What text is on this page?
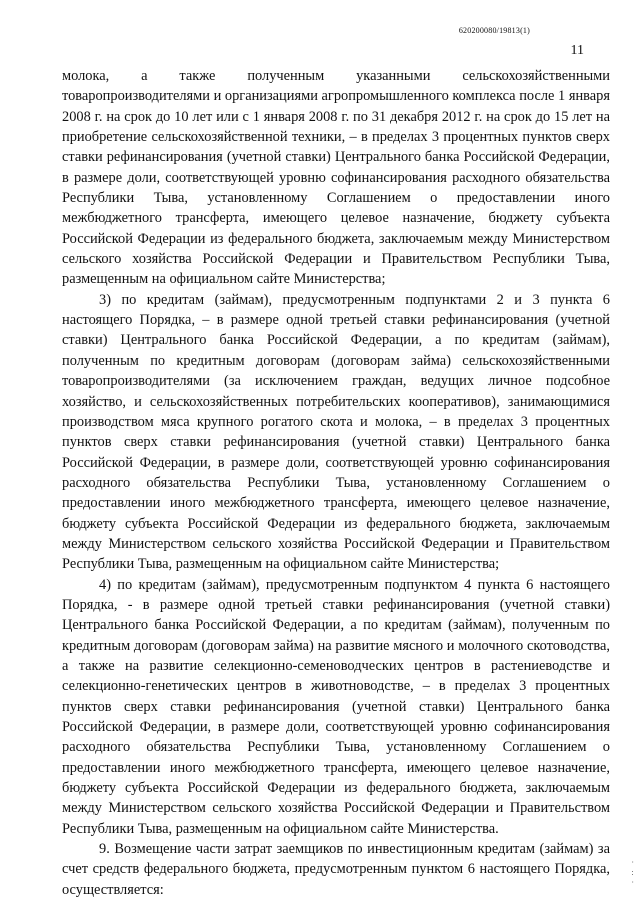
620200080/19813(1)
11

молока, а также полученным указанными сельскохозяйственными товаропроизводителями и организациями агропромышленного комплекса после 1 января 2008 г. на срок до 10 лет или с 1 января 2008 г. по 31 декабря 2012 г. на срок до 15 лет на приобретение сельскохозяйственной техники, – в пределах 3 процентных пунктов сверх ставки рефинансирования (учетной ставки) Центрального банка Российской Федерации, в размере доли, соответствующей уровню софинансирования расходного обязательства Республики Тыва, установленному Соглашением о предоставлении иного межбюджетного трансферта, имеющего целевое назначение, бюджету субъекта Российской Федерации из федерального бюджета, заключаемым между Министерством сельского хозяйства Российской Федерации и Правительством Республики Тыва, размещенным на официальном сайте Министерства;

3) по кредитам (займам), предусмотренным подпунктами 2 и 3 пункта 6 настоящего Порядка, – в размере одной третьей ставки рефинансирования (учетной ставки) Центрального банка Российской Федерации, а по кредитам (займам), полученным по кредитным договорам (договорам займа) сельскохозяйственными товаропроизводителями (за исключением граждан, ведущих личное подсобное хозяйство, и сельскохозяйственных потребительских кооперативов), занимающимися производством мяса крупного рогатого скота и молока, – в пределах 3 процентных пунктов сверх ставки рефинансирования (учетной ставки) Центрального банка Российской Федерации, в размере доли, соответствующей уровню софинансирования расходного обязательства Республики Тыва, установленному Соглашением о предоставлении иного межбюджетного трансферта, имеющего целевое назначение, бюджету субъекта Российской Федерации из федерального бюджета, заключаемым между Министерством сельского хозяйства Российской Федерации и Правительством Республики Тыва, размещенным на официальном сайте Министерства;

4) по кредитам (займам), предусмотренным подпунктом 4 пункта 6 настоящего Порядка, - в размере одной третьей ставки рефинансирования (учетной ставки) Центрального банка Российской Федерации, а по кредитам (займам), полученным по кредитным договорам (договорам займа) на развитие мясного и молочного скотоводства, а также на развитие селекционно-семеноводческих центров в растениеводстве и селекционно-генетических центров в животноводстве, – в пределах 3 процентных пунктов сверх ставки рефинансирования (учетной ставки) Центрального банка Российской Федерации, в размере доли, соответствующей уровню софинансирования расходного обязательства Республики Тыва, установленному Соглашением о предоставлении иного межбюджетного трансферта, имеющего целевое назначение, бюджету субъекта Российской Федерации из федерального бюджета, заключаемым между Министерством сельского хозяйства Российской Федерации и Правительством Республики Тыва, размещенным на официальном сайте Министерства.

9. Возмещение части затрат заемщиков по инвестиционным кредитам (займам) за счет средств федерального бюджета, предусмотренным пунктом 6 настоящего Порядка, осуществляется:

·
:
·
